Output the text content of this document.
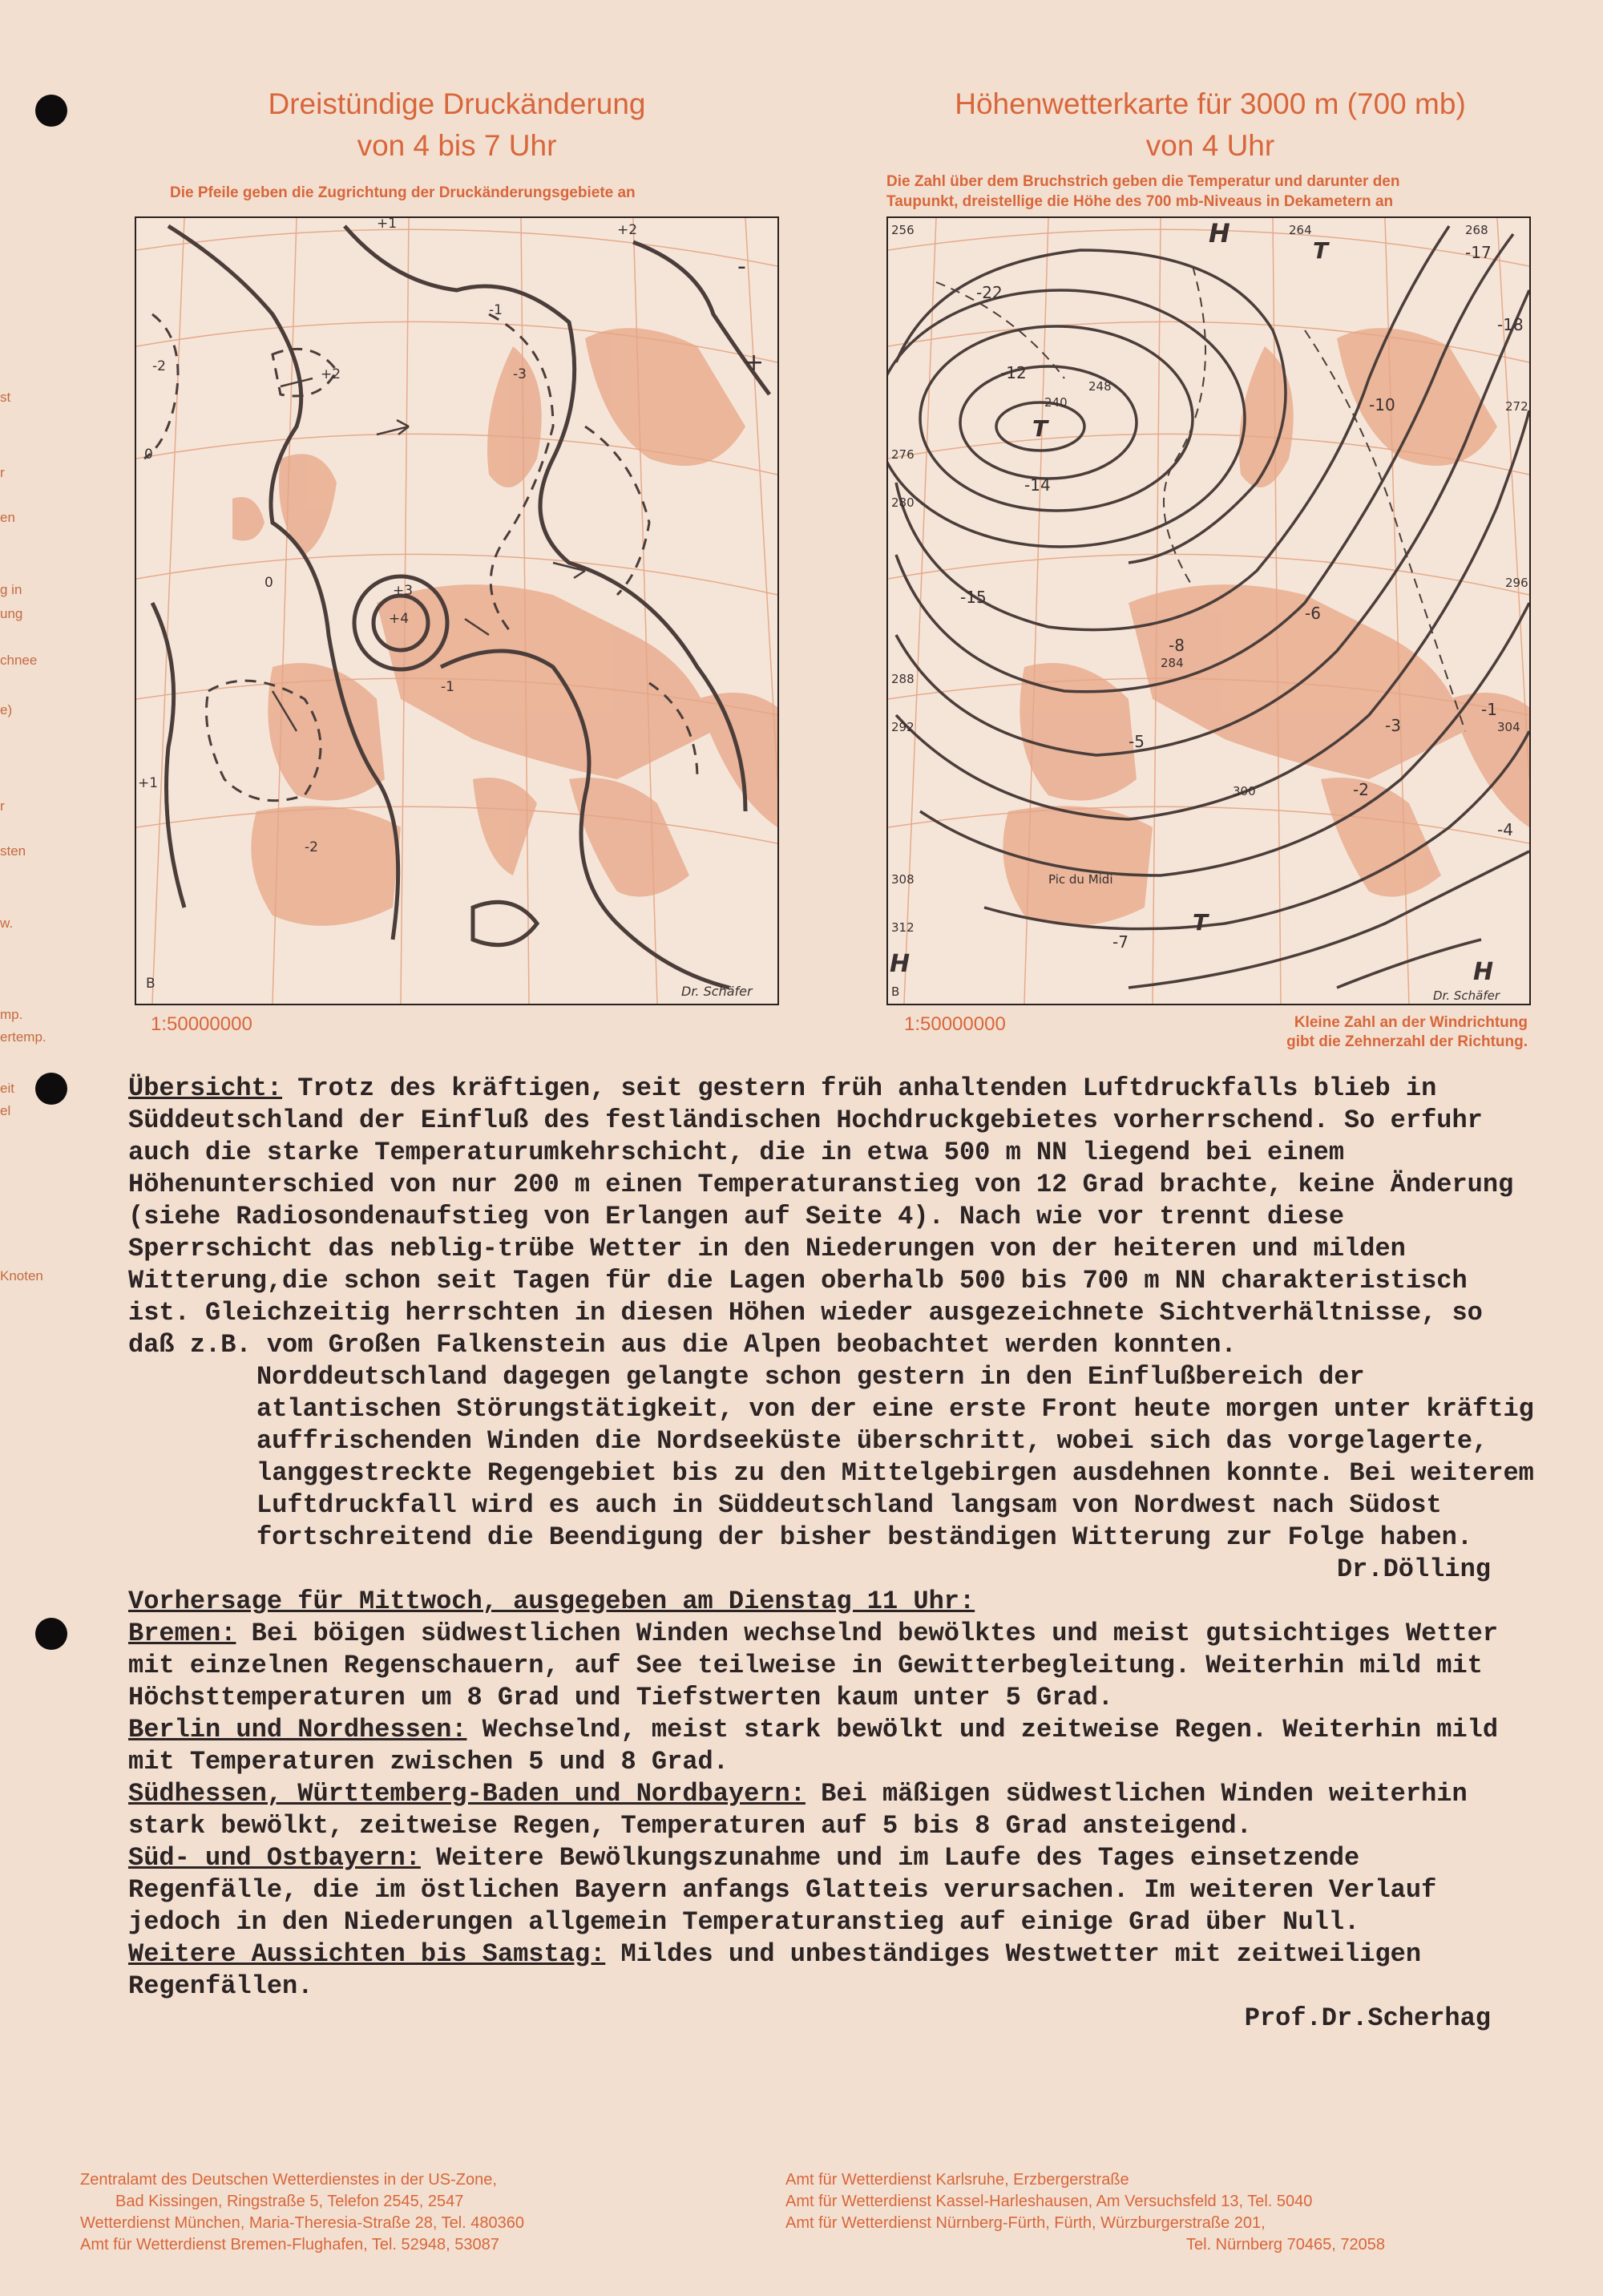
st
r
en
g in
ung
chnee
e)
r
sten
w.
mp.
ertemp.
eit
el
Knoten
Dreistündige Druckänderung
von 4 bis 7 Uhr
Die Pfeile geben die Zugrichtung der Druckänderungsgebiete an
+1
+2
+3
+4
0
-1
-2	-3	+
-
0
+1
-1
+2
-2
B	Dr. Schäfer
1:50000000
Höhenwetterkarte für 3000 m (700 mb)
von 4 Uhr
Die Zahl über dem Bruchstrich geben die Temperatur und darunter den
Taupunkt, dreistellige die Höhe des 700 mb-Niveaus in Dekametern an
H
T
T
H	H
T
-22
-17
-18
-12
-10
-14
-15
-8
-6
-5
-3
-2
-1
-4
-7
256	264	268
272
276
280
284
288
292
296
300
304
308
312
248
240
Pic du Midi
B	Dr. Schäfer
1:50000000	Kleine Zahl an der Windrichtung
gibt die Zehnerzahl der Richtung.

Übersicht: Trotz des kräftigen, seit gestern früh anhaltenden Luftdruckfalls blieb in Süddeutschland der Einfluß des festländischen Hochdruckgebietes vorherrschend. So erfuhr auch die starke Temperaturumkehrschicht, die in etwa 500 m NN liegend bei einem Höhenunterschied von nur 200 m einen Temperaturanstieg von 12 Grad brachte, keine Änderung (siehe Radiosondenaufstieg von Erlangen auf Seite 4). Nach wie vor trennt diese Sperrschicht das neblig-trübe Wetter in den Niederungen von der heiteren und milden Witterung,die schon seit Tagen für die Lagen oberhalb 500 bis 700 m NN charakteristisch ist. Gleichzeitig herrschten in diesen Höhen wieder ausgezeichnete Sichtverhältnisse, so daß z.B. vom Großen Falkenstein aus die Alpen beobachtet werden konnten.

Norddeutschland dagegen gelangte schon gestern in den Einflußbereich der atlantischen Störungstätigkeit, von der eine erste Front heute morgen unter kräftig auffrischenden Winden die Nordseeküste überschritt, wobei sich das vorgelagerte, langgestreckte Regengebiet bis zu den Mittelgebirgen ausdehnen konnte. Bei weiterem Luftdruckfall wird es auch in Süddeutschland langsam von Nordwest nach Südost fortschreitend die Beendigung der bisher beständigen Witterung zur Folge haben.

Dr.Dölling

Vorhersage für Mittwoch, ausgegeben am Dienstag 11 Uhr:

Bremen: Bei böigen südwestlichen Winden wechselnd bewölktes und meist gutsichtiges Wetter mit einzelnen Regenschauern, auf See teilweise in Gewitterbegleitung. Weiterhin mild mit Höchsttemperaturen um 8 Grad und Tiefstwerten kaum unter 5 Grad.

Berlin und Nordhessen: Wechselnd, meist stark bewölkt und zeitweise Regen. Weiterhin mild mit Temperaturen zwischen 5 und 8 Grad.

Südhessen, Württemberg-Baden und Nordbayern: Bei mäßigen südwestlichen Winden weiterhin stark bewölkt, zeitweise Regen, Temperaturen auf 5 bis 8 Grad ansteigend.

Süd- und Ostbayern: Weitere Bewölkungszunahme und im Laufe des Tages einsetzende Regenfälle, die im östlichen Bayern anfangs Glatteis verursachen. Im weiteren Verlauf jedoch in den Niederungen allgemein Temperaturanstieg auf einige Grad über Null.

Weitere Aussichten bis Samstag: Mildes und unbeständiges Westwetter mit zeitweiligen Regenfällen.

Prof.Dr.Scherhag

Zentralamt des Deutschen Wetterdienstes in der US-Zone,
Bad Kissingen, Ringstraße 5, Telefon 2545, 2547
Wetterdienst München, Maria-Theresia-Straße 28, Tel. 480360
Amt für Wetterdienst Bremen-Flughafen, Tel. 52948, 53087
Amt für Wetterdienst Karlsruhe, Erzbergerstraße
Amt für Wetterdienst Kassel-Harleshausen, Am Versuchsfeld 13, Tel. 5040
Amt für Wetterdienst Nürnberg-Fürth, Fürth, Würzburgerstraße 201,
Tel. Nürnberg 70465, 72058
